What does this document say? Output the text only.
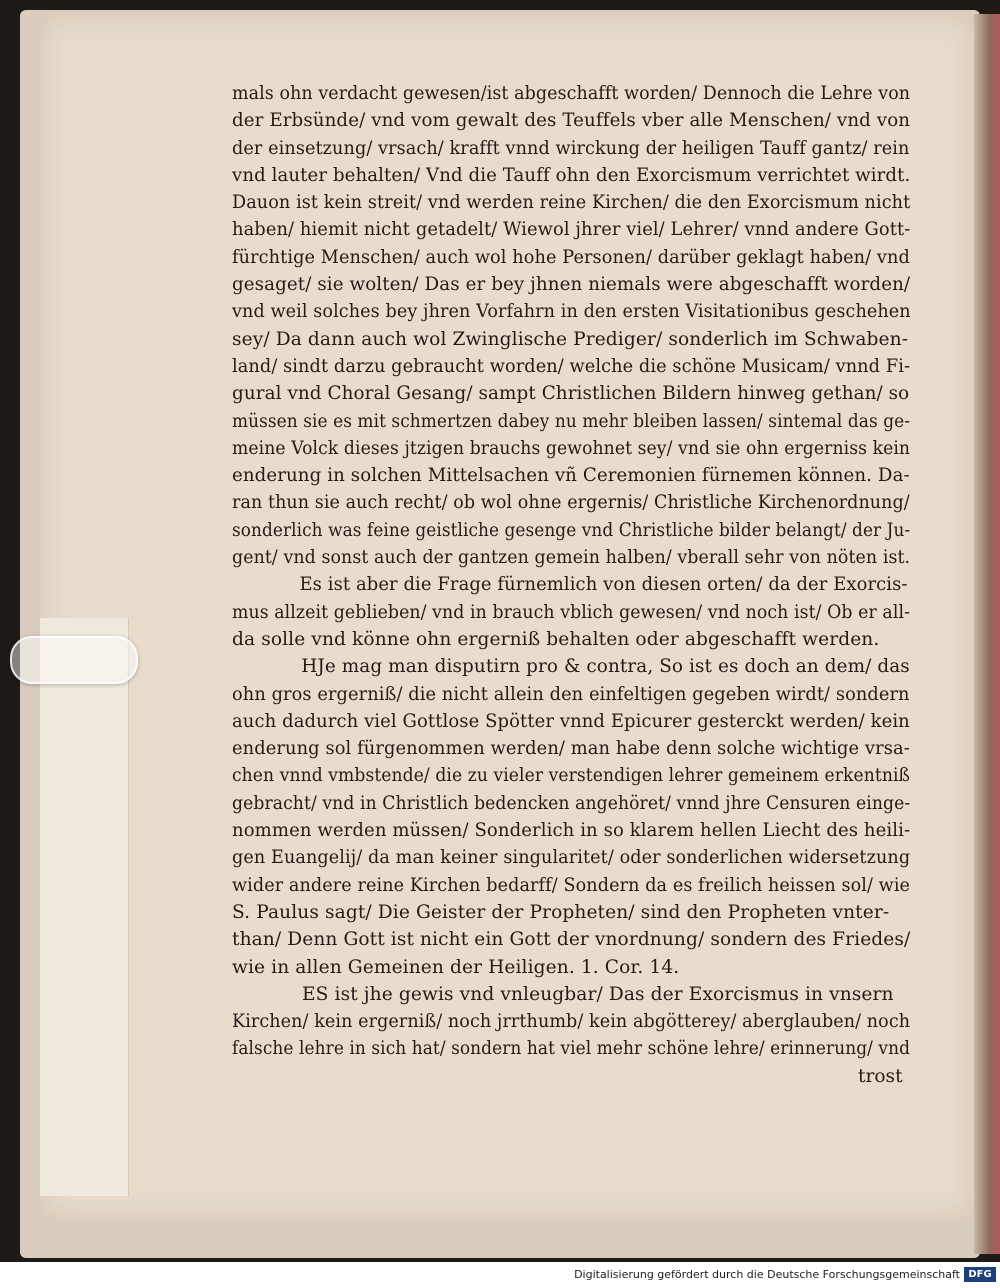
mals ohn verdacht gewesen/ist abgeschafft worden/ Dennoch die Lehre von
der Erbsünde/ vnd vom gewalt des Teuffels vber alle Menschen/ vnd von
der einsetzung/ vrsach/ krafft vnnd wirckung der heiligen Tauff gantz/ rein
vnd lauter behalten/ Vnd die Tauff ohn den Exorcismum verrichtet wirdt.
Dauon ist kein streit/ vnd werden reine Kirchen/ die den Exorcismum nicht
haben/ hiemit nicht getadelt/ Wiewol jhrer viel/ Lehrer/ vnnd andere Gott-
fürchtige Menschen/ auch wol hohe Personen/ darüber geklagt haben/ vnd
gesaget/ sie wolten/ Das er bey jhnen niemals were abgeschafft worden/
vnd weil solches bey jhren Vorfahrn in den ersten Visitationibus geschehen
sey/ Da dann auch wol Zwinglische Prediger/ sonderlich im Schwaben-
land/ sindt darzu gebraucht worden/ welche die schöne Musicam/ vnnd Fi-
gural vnd Choral Gesang/ sampt Christlichen Bildern hinweg gethan/ so
müssen sie es mit schmertzen dabey nu mehr bleiben lassen/ sintemal das ge-
meine Volck dieses jtzigen brauchs gewohnet sey/ vnd sie ohn ergerniss kein
enderung in solchen Mittelsachen vñ Ceremonien fürnemen können. Da-
ran thun sie auch recht/ ob wol ohne ergernis/ Christliche Kirchenordnung/
sonderlich was feine geistliche gesenge vnd Christliche bilder belangt/ der Ju-
gent/ vnd sonst auch der gantzen gemein halben/ vberall sehr von nöten ist.
Es ist aber die Frage fürnemlich von diesen orten/ da der Exorcis-
mus allzeit geblieben/ vnd in brauch vblich gewesen/ vnd noch ist/ Ob er all-
da solle vnd könne ohn ergerniß behalten oder abgeschafft werden.
HJe mag man disputirn pro & contra, So ist es doch an dem/ das
ohn gros ergerniß/ die nicht allein den einfeltigen gegeben wirdt/ sondern
auch dadurch viel Gottlose Spötter vnnd Epicurer gesterckt werden/ kein
enderung sol fürgenommen werden/ man habe denn solche wichtige vrsa-
chen vnnd vmbstende/ die zu vieler verstendigen lehrer gemeinem erkentniß
gebracht/ vnd in Christlich bedencken angehöret/ vnnd jhre Censuren einge-
nommen werden müssen/ Sonderlich in so klarem hellen Liecht des heili-
gen Euangelij/ da man keiner singularitet/ oder sonderlichen widersetzung
wider andere reine Kirchen bedarff/ Sondern da es freilich heissen sol/ wie
S. Paulus sagt/ Die Geister der Propheten/ sind den Propheten vnter-
than/ Denn Gott ist nicht ein Gott der vnordnung/ sondern des Friedes/
wie in allen Gemeinen der Heiligen. 1. Cor. 14.
ES ist jhe gewis vnd vnleugbar/ Das der Exorcismus in vnsern
Kirchen/ kein ergerniß/ noch jrrthumb/ kein abgötterey/ aberglauben/ noch
falsche lehre in sich hat/ sondern hat viel mehr schöne lehre/ erinnerung/ vnd
trost
Digitalisierung gefördert durch die Deutsche Forschungsgemeinschaft DFG
